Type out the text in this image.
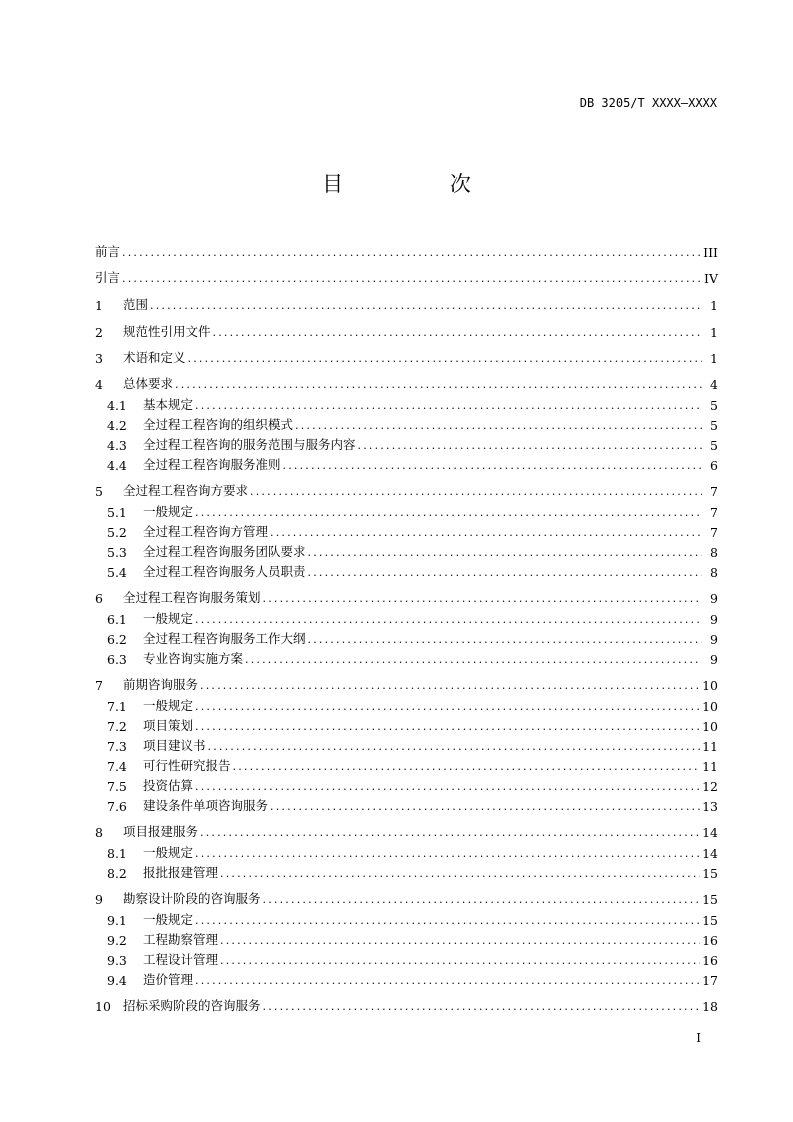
DB 3205/T XXXX—XXXX
目 次
前言 .....	III
引言 .....	IV
1	范围 .....	1
2	规范性引用文件 .....	1
3	术语和定义 .....	1
4	总体要求 .....	4
4.1	基本规定 .....	5
4.2	全过程工程咨询的组织模式 .....	5
4.3	全过程工程咨询的服务范围与服务内容 .....	5
4.4	全过程工程咨询服务准则 .....	6
5	全过程工程咨询方要求 .....	7
5.1	一般规定 .....	7
5.2	全过程工程咨询方管理 .....	7
5.3	全过程工程咨询服务团队要求 .....	8
5.4	全过程工程咨询服务人员职责 .....	8
6	全过程工程咨询服务策划 .....	9
6.1	一般规定 .....	9
6.2	全过程工程咨询服务工作大纲 .....	9
6.3	专业咨询实施方案 .....	9
7	前期咨询服务 .....	10
7.1	一般规定 .....	10
7.2	项目策划 .....	10
7.3	项目建议书 .....	11
7.4	可行性研究报告 .....	11
7.5	投资估算 .....	12
7.6	建设条件单项咨询服务 .....	13
8	项目报建服务 .....	14
8.1	一般规定 .....	14
8.2	报批报建管理 .....	15
9	勘察设计阶段的咨询服务 .....	15
9.1	一般规定 .....	15
9.2	工程勘察管理 .....	16
9.3	工程设计管理 .....	16
9.4	造价管理 .....	17
10 招标采购阶段的咨询服务 .....	18
I
